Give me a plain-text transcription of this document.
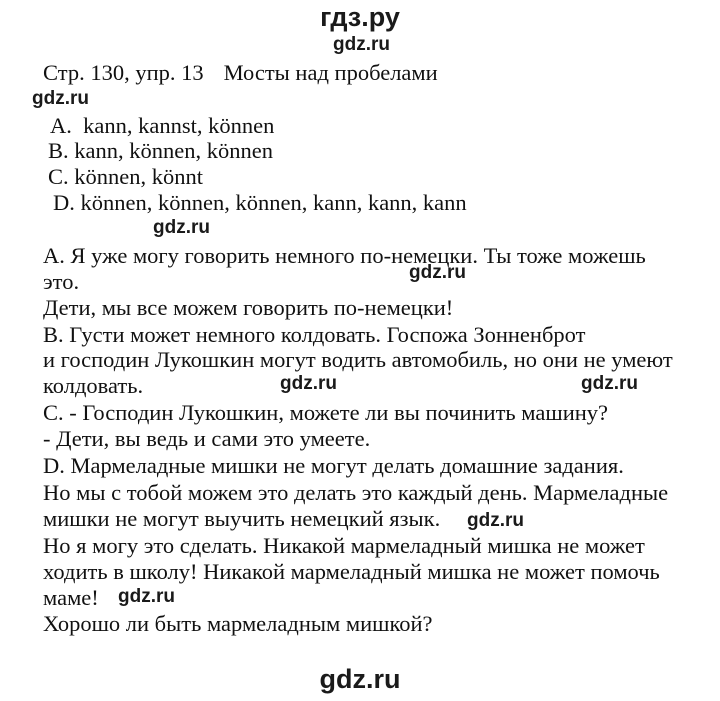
гдз.ру
gdz.ru
Стр. 130, упр. 13 Мосты над пробелами
gdz.ru
A. kann, kannst, können
B. kann, können, können
C. können, könnt
D. können, können, können, kann, kann, kann
gdz.ru
А. Я уже могу говорить немного по-немецки. Ты тоже можешь
это.	gdz.ru
Дети, мы все можем говорить по-немецки!
В. Густи может немного колдовать. Госпожа Зонненброт
и господин Лукошкин могут водить автомобиль, но они не умеют
колдовать.	gdz.ru	gdz.ru
С. - Господин Лукошкин, можете ли вы починить машину?
- Дети, вы ведь и сами это умеете.
D. Мармеладные мишки не могут делать домашние задания.
Но мы с тобой можем это делать это каждый день. Мармеладные
мишки не могут выучить немецкий язык. gdz.ru
Но я могу это сделать. Никакой мармеладный мишка не может
ходить в школу! Никакой мармеладный мишка не может помочь
маме! gdz.ru
Хорошо ли быть мармеладным мишкой?
gdz.ru
